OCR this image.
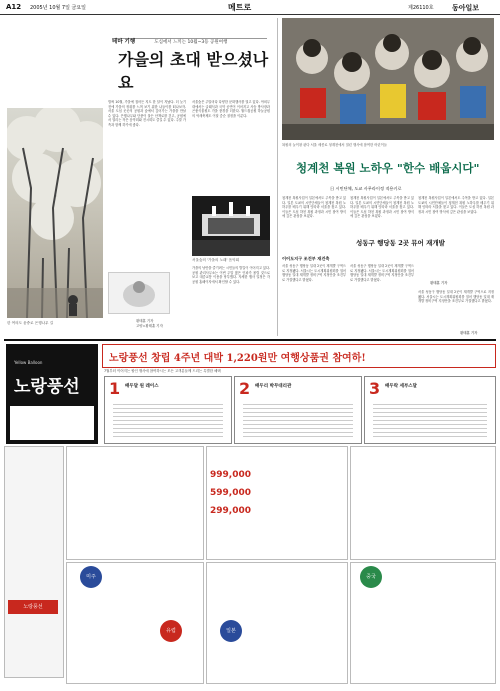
A12 2005년 10월 7일 금요일	메트로	제26110호	동아일보
테마 기행	도심에서 느끼는 10월~3등 공원여행
가을의 초대 받으셨나요
한 여의도 윤중로 은행나무 길
벌써 10월, 가을에 접어든 지도 한 달이 지났다. 더 늦기 전에 가을의 정취를 느껴 보기 위한 나들이를 떠나보자. 서울 도심 곳곳의 공원과 숲에서 깊어가는 가을을 만날 수 있다. 은행나무와 단풍이 물든 산책로를 걷고, 공원에서 열리는 작은 음악회와 전시회도 즐길 수 있다. 주말 가족과 함께 하기에 좋다.
서울숲은 주말마다 다양한 문화행사를 열고 있다. 야외무대에서는 클래식과 국악 공연이 이어지고 사슴 방사장과 곤충식물원도 가을 풍경을 더한다. 월드컵공원 하늘공원의 억새축제도 이달 중순 절정을 이룬다.
서울숲의 '가을의 노래' 음악회
가을의 낭만을 즐기려는 시민들의 발길이 이어지고 있다. 공원 관리사무소는 이번 주말 많은 인파가 몰릴 것으로 보고 대중교통 이용을 당부했다. 자세한 행사 일정은 각 공원 홈페이지에서 확인할 수 있다.
황태훈 기자
고양=황태훈 기자
복원의 늘이왕 판다 서울 세종로 청계천에서 열린 행사에 참여한 어린이들
청계천 복원 노하우 "한수 배웁시다"
日 시민단체, 도쿄 사무라이정 적용키로
청계천 복원사업이 일본에서도 주목을 받고 있다. 일본 도쿄의 시민단체들이 청계천 복원 노하우를 배우기 위해 잇따라 서울을 찾고 있다. 이들은 도심 하천 복원 과정과 시민 참여 방식에 깊은 관심을 보였다.
청계천 복원사업이 일본에서도 주목을 받고 있다. 일본 도쿄의 시민단체들이 청계천 복원 노하우를 배우기 위해 잇따라 서울을 찾고 있다. 이들은 도심 하천 복원 과정과 시민 참여 방식에 깊은 관심을 보였다.
청계천 복원사업이 일본에서도 주목을 받고 있다. 일본 도쿄의 시민단체들이 청계천 복원 노하우를 배우기 위해 잇따라 서울을 찾고 있다. 이들은 도심 하천 복원 과정과 시민 참여 방식에 깊은 관심을 보였다.
황태훈 기자
성동구 행당동 2곳 뮤어 재개발
이어도지구 조건부 재건축
서울 성동구 행당동 일대 2곳이 재개발 구역으로 지정됐다. 서울시는 도시계획위원회를 열어 행당동 일대 재개발 정비구역 지정안을 조건부로 가결했다고 밝혔다.
서울 성동구 행당동 일대 2곳이 재개발 구역으로 지정됐다. 서울시는 도시계획위원회를 열어 행당동 일대 재개발 정비구역 지정안을 조건부로 가결했다고 밝혔다.
서울 성동구 행당동 일대 2곳이 재개발 구역으로 지정됐다. 서울시는 도시계획위원회를 열어 행당동 일대 재개발 정비구역 지정안을 조건부로 가결했다고 밝혔다.
황태훈 기자
Yellow Balloon
노랑풍선
노랑풍선 창립 4주년 대박 1,220원만 여행상품권 참여하!
7월부터 이어지는 할인 행사에 참여하시는 모든 고객분들께 드리는 특별한 혜택
1 배두달 원 레이스	2 배두리 박무대리관	3 배두락 세부스달
999,000
599,000
299,000
미주
유럽	일본
중국
노랑풍선
